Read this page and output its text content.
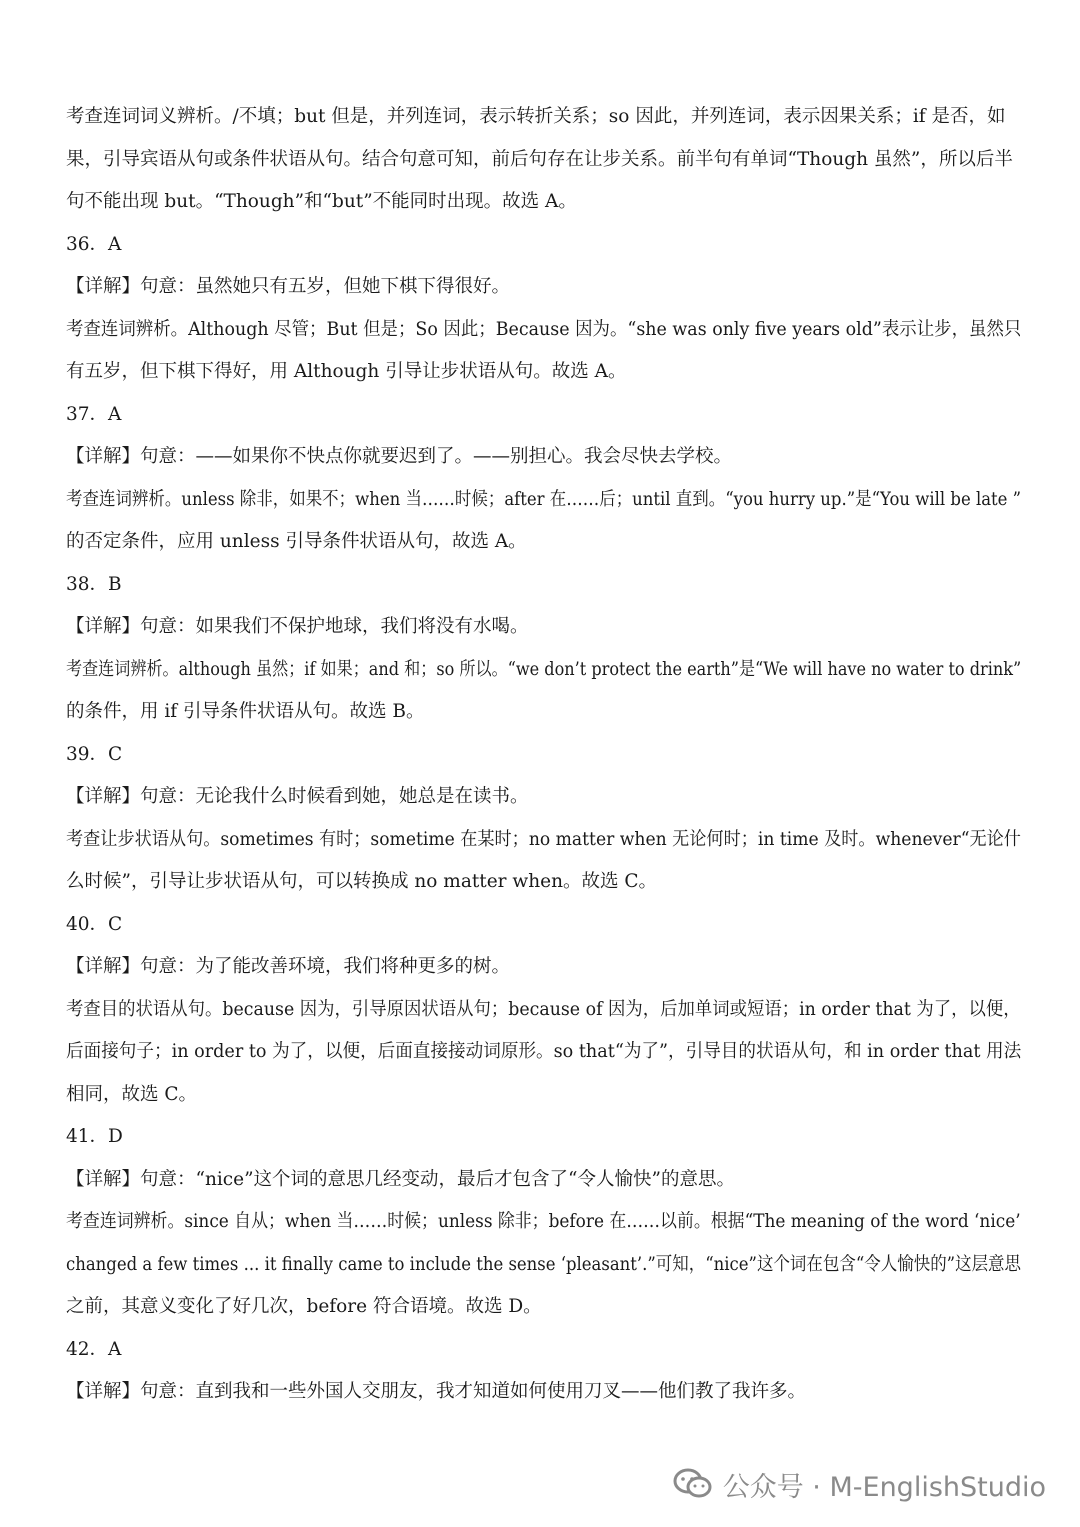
考查连词词义辨析。/不填；but 但是，并列连词，表示转折关系；so 因此，并列连词，表示因果关系；if 是否，如
果，引导宾语从句或条件状语从句。结合句意可知，前后句存在让步关系。前半句有单词“Though 虽然”，所以后半
句不能出现 but。“Though”和“but”不能同时出现。故选 A。
36．A
【详解】句意：虽然她只有五岁，但她下棋下得很好。
考查连词辨析。Although 尽管；But 但是；So 因此；Because 因为。“she was only five years old”表示让步，虽然只
有五岁，但下棋下得好，用 Although 引导让步状语从句。故选 A。
37．A
【详解】句意：——如果你不快点你就要迟到了。——别担心。我会尽快去学校。
考查连词辨析。unless 除非，如果不；when 当……时候；after 在……后；until 直到。“you hurry up.”是“You will be late ”
的否定条件，应用 unless 引导条件状语从句，故选 A。
38．B
【详解】句意：如果我们不保护地球，我们将没有水喝。
考查连词辨析。although 虽然；if 如果；and 和；so 所以。“we don’t protect the earth”是“We will have no water to drink”
的条件，用 if 引导条件状语从句。故选 B。
39．C
【详解】句意：无论我什么时候看到她，她总是在读书。
考查让步状语从句。sometimes 有时；sometime 在某时；no matter when 无论何时；in time 及时。whenever“无论什
么时候”，引导让步状语从句，可以转换成 no matter when。故选 C。
40．C
【详解】句意：为了能改善环境，我们将种更多的树。
考查目的状语从句。because 因为，引导原因状语从句；because of 因为，后加单词或短语；in order that 为了，以便，
后面接句子；in order to 为了，以便，后面直接接动词原形。so that“为了”，引导目的状语从句，和 in order that 用法
相同，故选 C。
41．D
【详解】句意：“nice”这个词的意思几经变动，最后才包含了“令人愉快”的意思。
考查连词辨析。since 自从；when 当……时候；unless 除非；before 在……以前。根据“The meaning of the word ‘nice’
changed a few times ... it finally came to include the sense ‘pleasant’.”可知，“nice”这个词在包含“令人愉快的”这层意思
之前，其意义变化了好几次，before 符合语境。故选 D。
42．A
【详解】句意：直到我和一些外国人交朋友，我才知道如何使用刀叉——他们教了我许多。
公众号 · M-EnglishStudio
